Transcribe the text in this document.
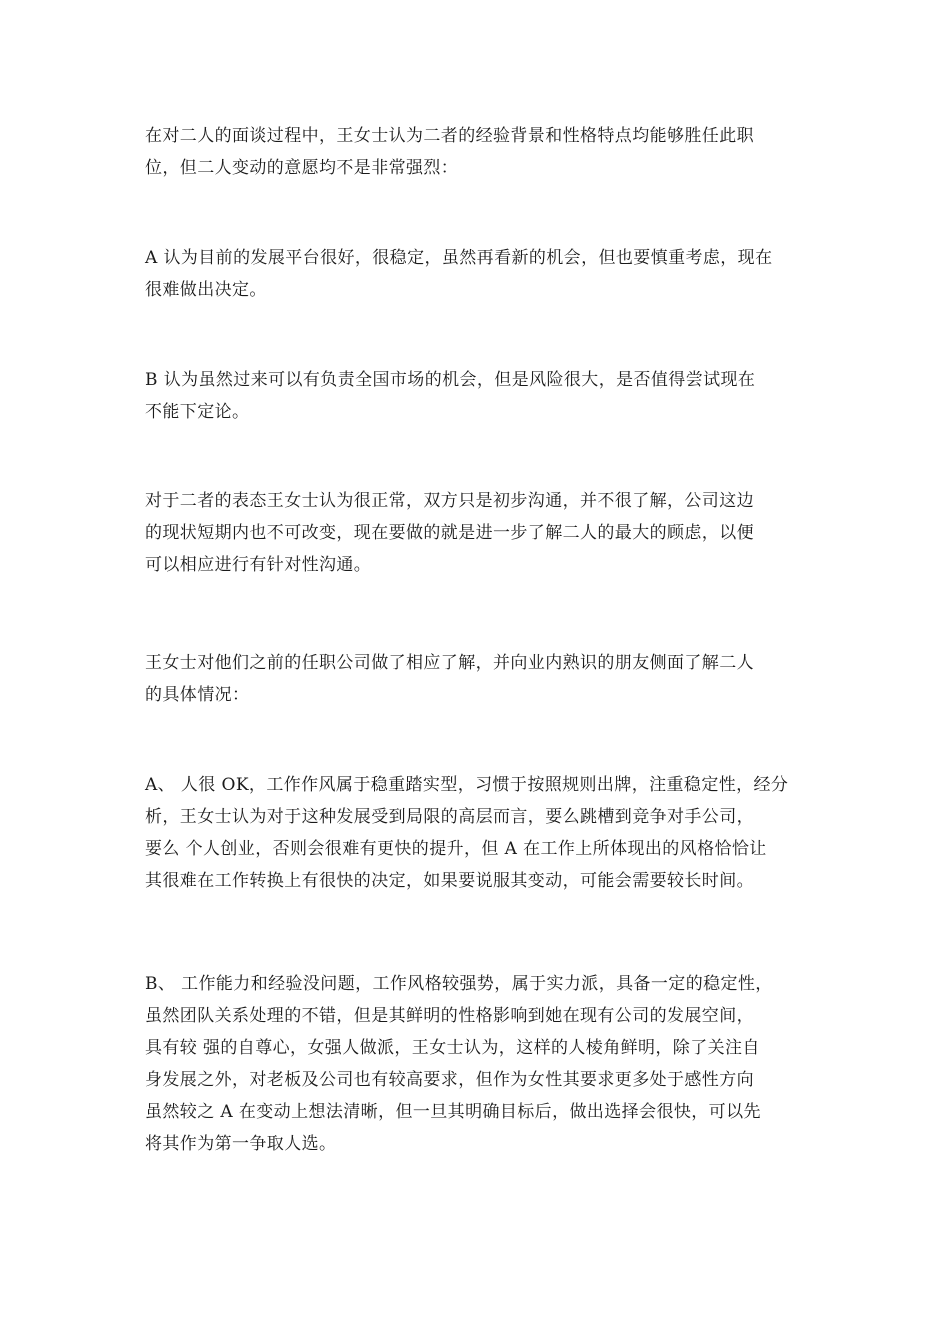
在对二人的面谈过程中，王女士认为二者的经验背景和性格特点均能够胜任此职
位，但二人变动的意愿均不是非常强烈：

A 认为目前的发展平台很好，很稳定，虽然再看新的机会，但也要慎重考虑，现在
很难做出决定。

B 认为虽然过来可以有负责全国市场的机会，但是风险很大，是否值得尝试现在
不能下定论。

对于二者的表态王女士认为很正常，双方只是初步沟通，并不很了解，公司这边
的现状短期内也不可改变，现在要做的就是进一步了解二人的最大的顾虑，以便
可以相应进行有针对性沟通。

王女士对他们之前的任职公司做了相应了解，并向业内熟识的朋友侧面了解二人
的具体情况：

A、 人很 OK，工作作风属于稳重踏实型，习惯于按照规则出牌，注重稳定性，经分
析，王女士认为对于这种发展受到局限的高层而言，要么跳槽到竞争对手公司，
要么 个人创业，否则会很难有更快的提升，但 A 在工作上所体现出的风格恰恰让
其很难在工作转换上有很快的决定，如果要说服其变动，可能会需要较长时间。

B、 工作能力和经验没问题，工作风格较强势，属于实力派，具备一定的稳定性，
虽然团队关系处理的不错，但是其鲜明的性格影响到她在现有公司的发展空间，
具有较 强的自尊心，女强人做派，王女士认为，这样的人棱角鲜明，除了关注自
身发展之外，对老板及公司也有较高要求，但作为女性其要求更多处于感性方向
虽然较之 A 在变动上想法清晰，但一旦其明确目标后，做出选择会很快，可以先
将其作为第一争取人选。
